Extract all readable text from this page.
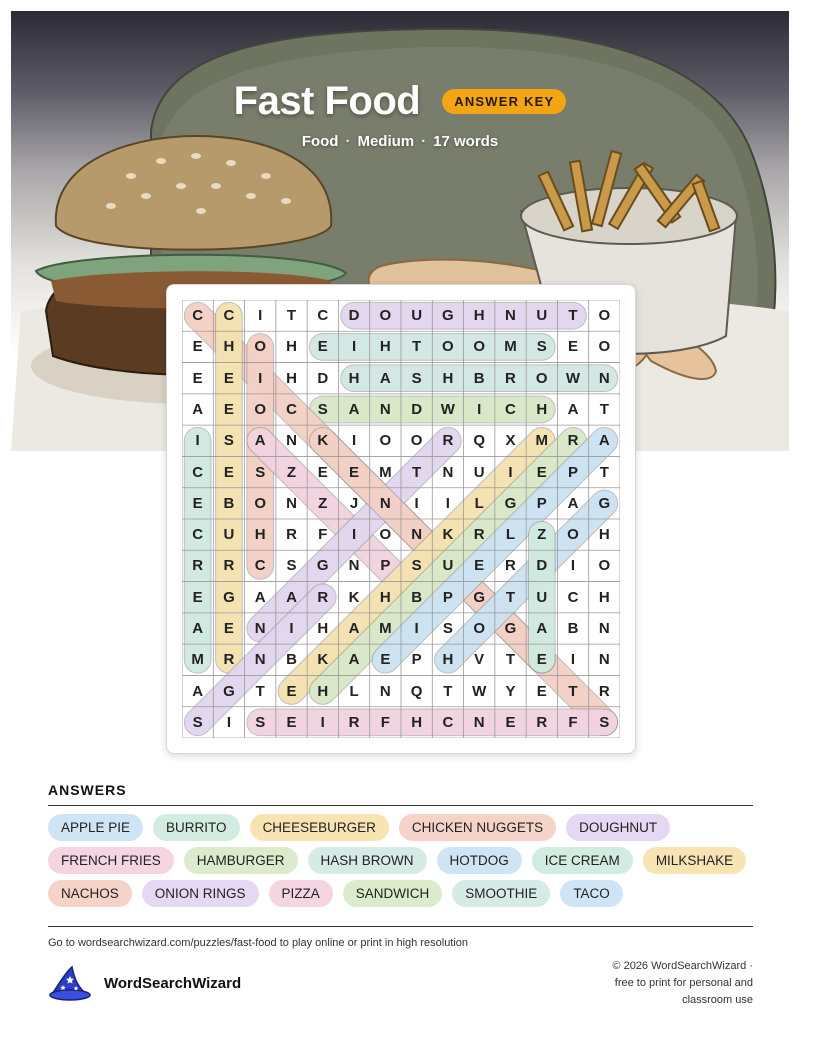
Fast Food	ANSWER KEY
Food · Medium · 17 words
C	C	I	T	C	D	O	U	G	H	N	U	T	O
E	H	O	H	E	I	H	T	O	O	M	S	E	O
E	E	I	H	D	H	A	S	H	B	R	O	W	N
A	E	O	C	S	A	N	D	W	I	C	H	A	T
I	S	A	N	K	I	O	O	R	Q	X	M	R	A
C	E	S	Z	E	E	M	T	N	U	I	E	P	T
E	B	O	N	Z	J	N	I	I	L	G	P	A	G
C	U	H	R	F	I	O	N	K	R	L	Z	O	H
R	R	C	S	G	N	P	S	U	E	R	D	I	O
E	G	A	A	R	K	H	B	P	G	T	U	C	H
A	E	N	I	H	A	M	I	S	O	G	A	B	N
M	R	N	B	K	A	E	P	H	V	T	E	I	N
A	G	T	E	H	L	N	Q	T	W	Y	E	T	R
S	I	S	E	I	R	F	H	C	N	E	R	F	S
ANSWERS
APPLE PIE	BURRITO	CHEESEBURGER	CHICKEN NUGGETS	DOUGHNUT
FRENCH FRIES	HAMBURGER	HASH BROWN	HOTDOG	ICE CREAM	MILKSHAKE
NACHOS	ONION RINGS	PIZZA	SANDWICH	SMOOTHIE	TACO
Go to wordsearchwizard.com/puzzles/fast-food to play online or print in high resolution
WordSearchWizard
© 2026 WordSearchWizard ·
free to print for personal and
classroom use
